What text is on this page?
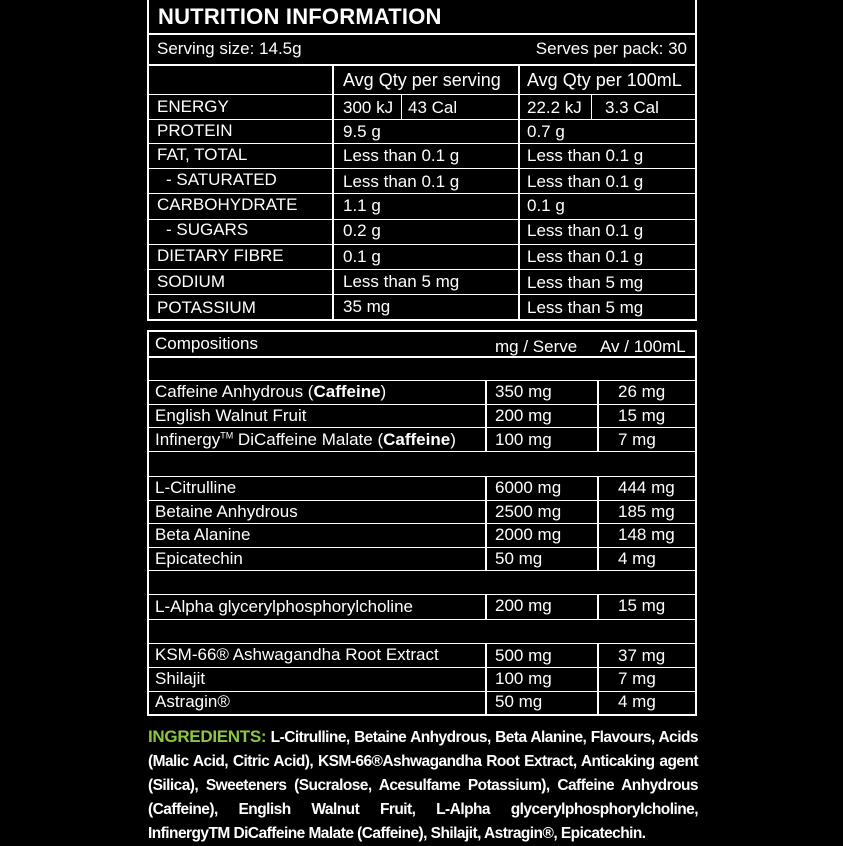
NUTRITION INFORMATION
Serving size: 14.5g	Serves per pack: 30
Avg Qty per serving Avg Qty per 100mL
ENERGY	300 kJ 43 Cal	22.2 kJ 3.3 Cal
PROTEIN	9.5 g	0.7 g
FAT, TOTAL	Less than 0.1 g	Less than 0.1 g
- SATURATED	Less than 0.1 g	Less than 0.1 g
CARBOHYDRATE	1.1 g	0.1 g
- SUGARS	0.2 g	Less than 0.1 g
DIETARY FIBRE	0.1 g	Less than 0.1 g
SODIUM	Less than 5 mg	Less than 5 mg
POTASSIUM	35 mg	Less than 5 mg
Compositions	mg / Serve Av / 100mL
Caffeine Anhydrous (Caffeine)	350 mg	26 mg
English Walnut Fruit	200 mg	15 mg
Infinergy™ DiCaffeine Malate (Caffeine) 100 mg	7 mg
L-Citrulline	6000 mg	444 mg
Betaine Anhydrous	2500 mg	185 mg
Beta Alanine	2000 mg	148 mg
Epicatechin	50 mg	4 mg
L-Alpha glycerylphosphorylcholine	200 mg	15 mg
KSM-66® Ashwagandha Root Extract	500 mg	37 mg
Shilajit	100 mg	7 mg
Astragin®	50 mg	4 mg
INGREDIENTS: L-Citrulline, Betaine Anhydrous, Beta Alanine, Flavours, Acids (Malic Acid, Citric Acid), KSM-66®Ashwagandha Root Extract, Anticaking agent (Silica), Sweeteners (Sucralose, Acesulfame Potassium), Caffeine Anhydrous (Caffeine), English Walnut Fruit, L-Alpha glycerylphosphorylcholine, InfinergyTM DiCaffeine Malate (Caffeine), Shilajit, Astragin®, Epicatechin.
